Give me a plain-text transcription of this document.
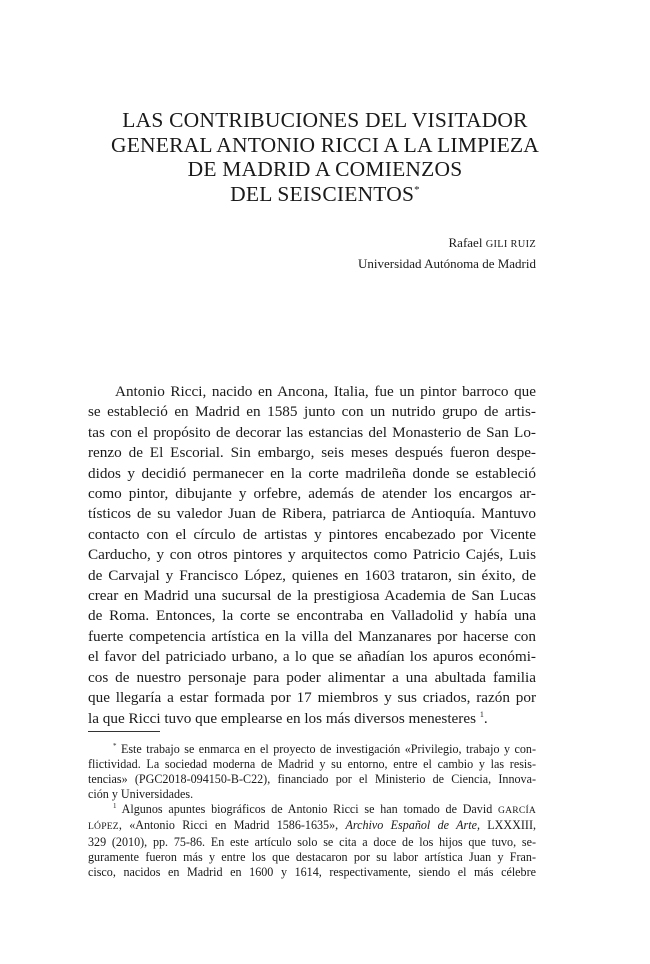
LAS CONTRIBUCIONES DEL VISITADOR
GENERAL ANTONIO RICCI A LA LIMPIEZA
DE MADRID A COMIENZOS
DEL SEISCIENTOS*
Rafael GILI RUIZ
Universidad Autónoma de Madrid
Antonio Ricci, nacido en Ancona, Italia, fue un pintor barroco que
se estableció en Madrid en 1585 junto con un nutrido grupo de artis-
tas con el propósito de decorar las estancias del Monasterio de San Lo-
renzo de El Escorial. Sin embargo, seis meses después fueron despe-
didos y decidió permanecer en la corte madrileña donde se estableció
como pintor, dibujante y orfebre, además de atender los encargos ar-
tísticos de su valedor Juan de Ribera, patriarca de Antioquía. Mantuvo
contacto con el círculo de artistas y pintores encabezado por Vicente
Carducho, y con otros pintores y arquitectos como Patricio Cajés, Luis
de Carvajal y Francisco López, quienes en 1603 trataron, sin éxito, de
crear en Madrid una sucursal de la prestigiosa Academia de San Lucas
de Roma. Entonces, la corte se encontraba en Valladolid y había una
fuerte competencia artística en la villa del Manzanares por hacerse con
el favor del patriciado urbano, a lo que se añadían los apuros económi-
cos de nuestro personaje para poder alimentar a una abultada familia
que llegaría a estar formada por 17 miembros y sus criados, razón por
la que Ricci tuvo que emplearse en los más diversos menesteres $^1$.
* Este trabajo se enmarca en el proyecto de investigación «Privilegio, trabajo y con-
flictividad. La sociedad moderna de Madrid y su entorno, entre el cambio y las resis-
tencias» (PGC2018-094150-B-C22), financiado por el Ministerio de Ciencia, Innova-
ción y Universidades.
$^1$ Algunos apuntes biográficos de Antonio Ricci se han tomado de David GARCÍA
LÓPEZ, «Antonio Ricci en Madrid 1586-1635», Archivo Español de Arte, LXXXIII,
329 (2010), pp. 75-86. En este artículo solo se cita a doce de los hijos que tuvo, se-
guramente fueron más y entre los que destacaron por su labor artística Juan y Fran-
cisco, nacidos en Madrid en 1600 y 1614, respectivamente, siendo el más célebre
